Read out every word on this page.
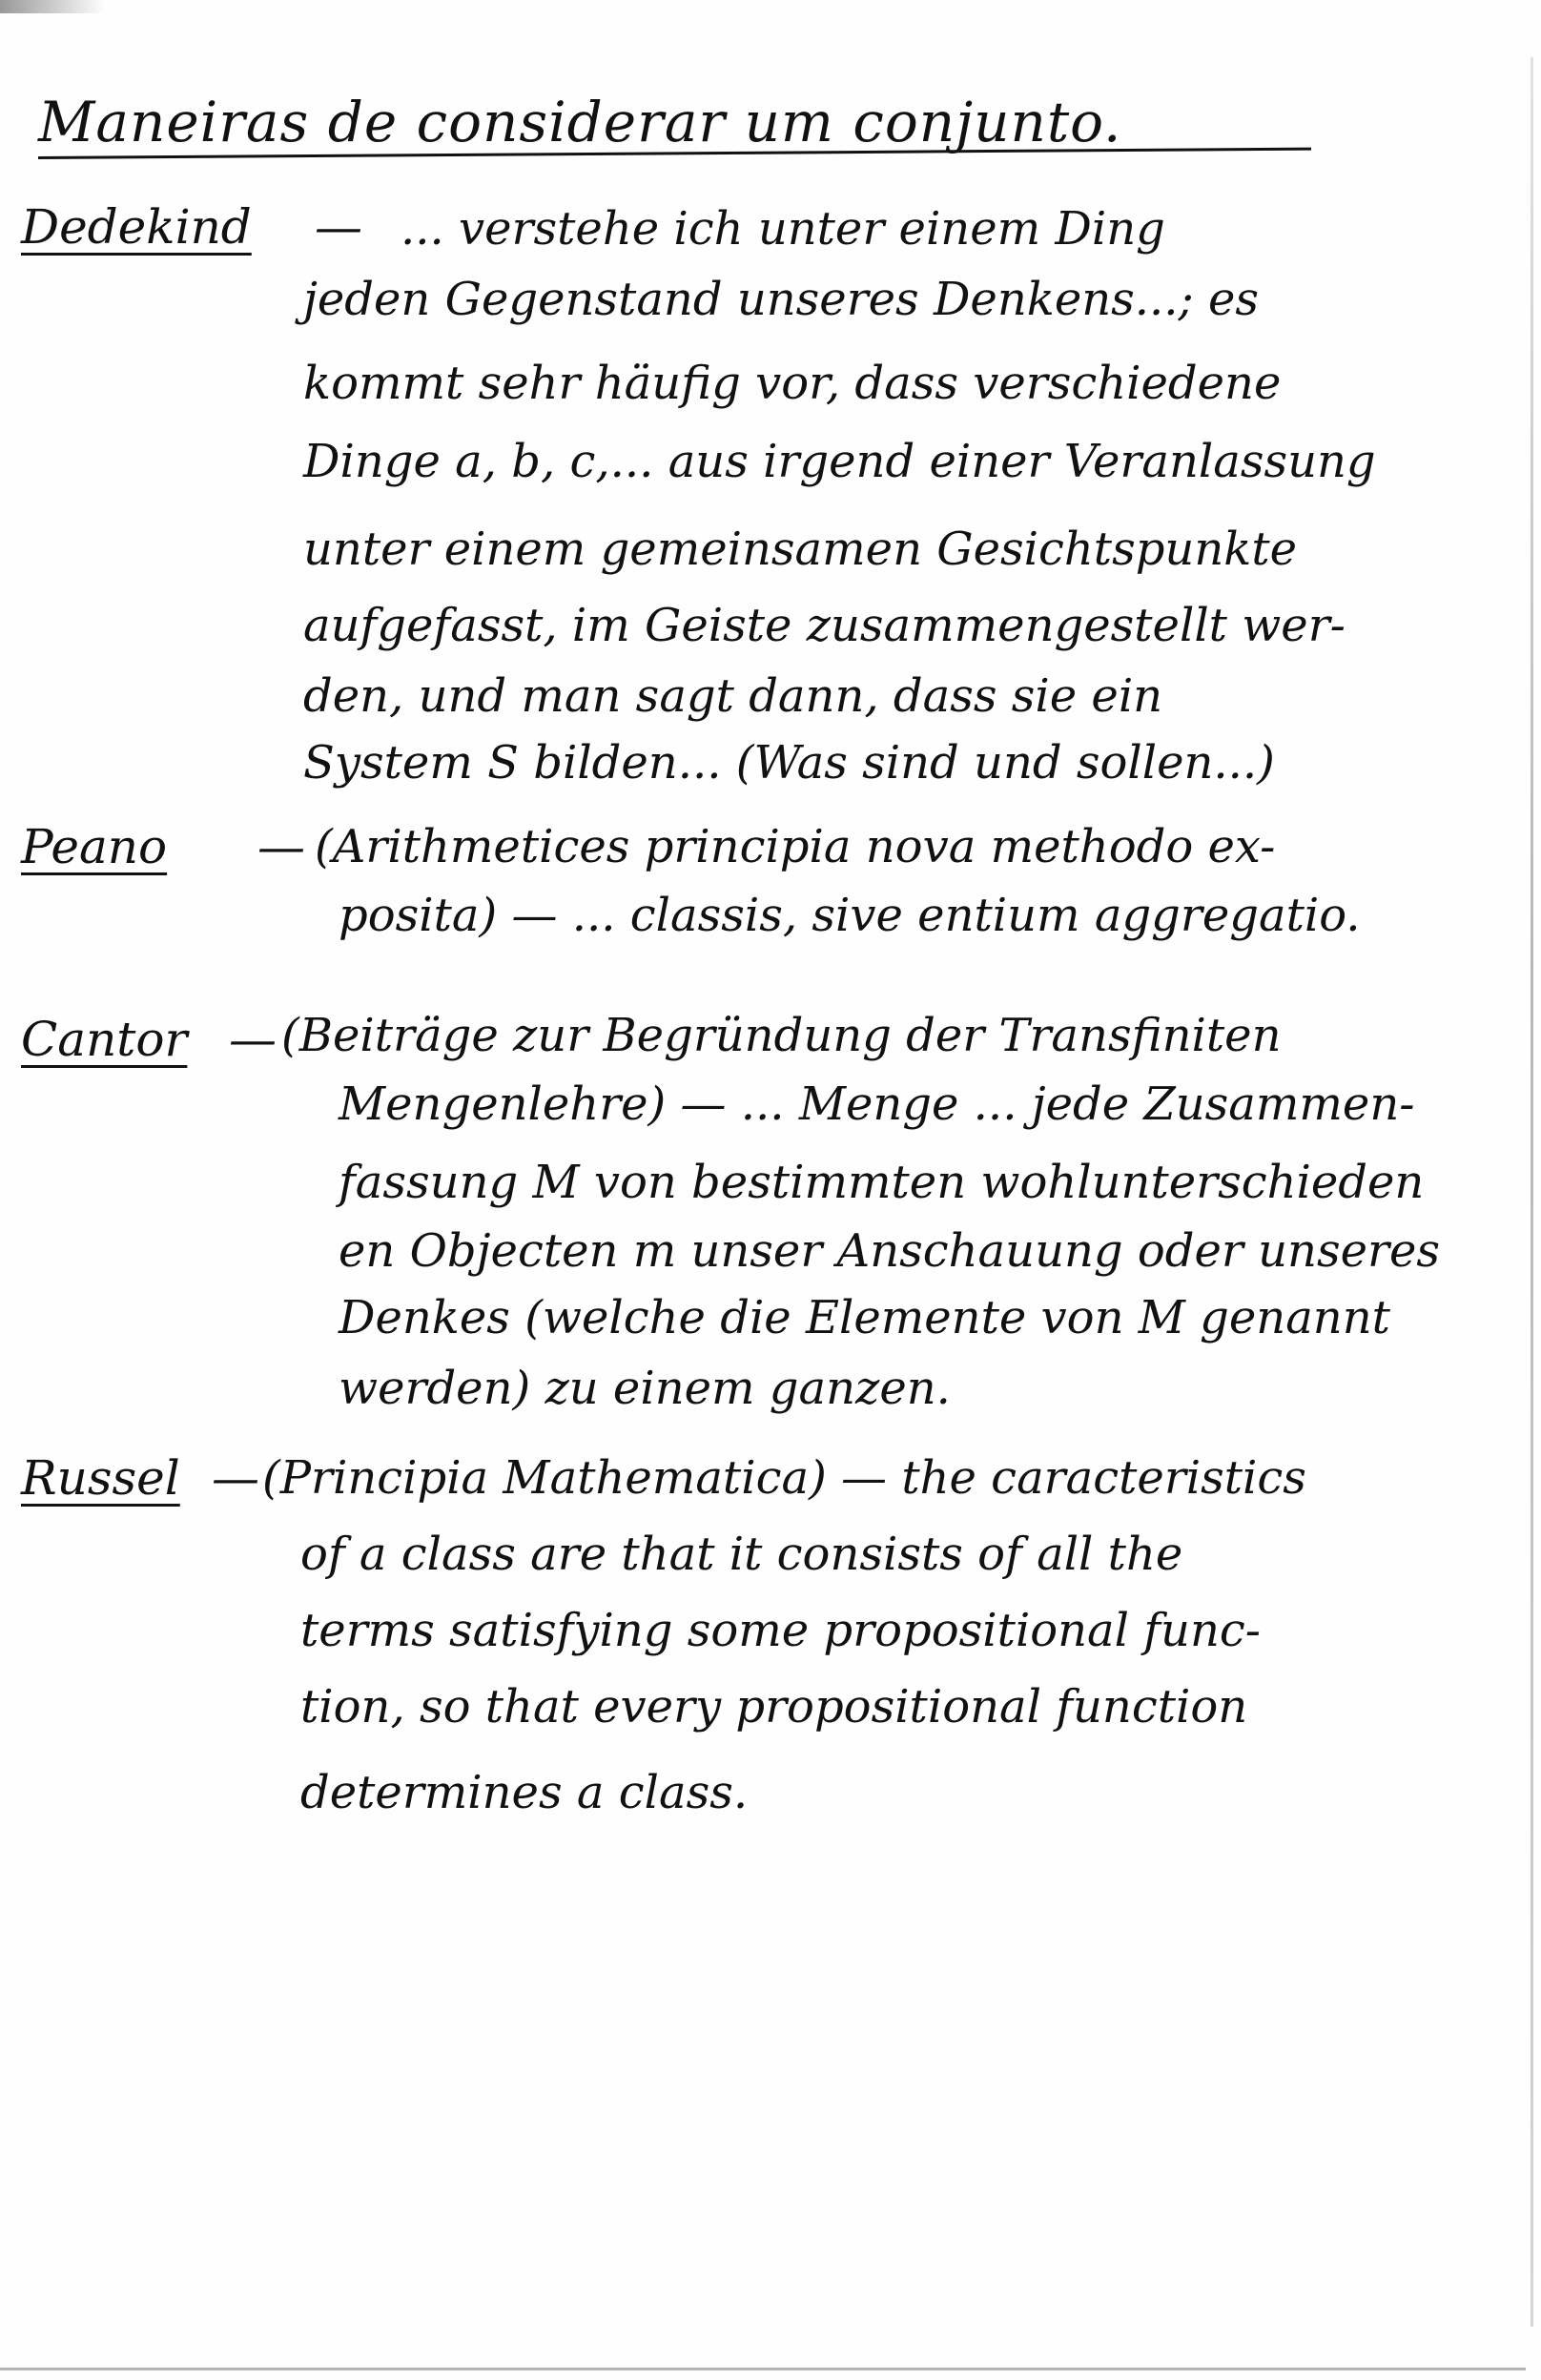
Maneiras de considerar um conjunto.
Dedekind — ... verstehe ich unter einem Ding
jeden Gegenstand unseres Denkens...; es
kommt sehr häufig vor, dass verschiedene
Dinge a, b, c,... aus irgend einer Veranlassung
unter einem gemeinsamen Gesichtspunkte
aufgefasst, im Geiste zusammengestellt wer-
den, und man sagt dann, dass sie ein
System S bilden... (Was sind und sollen...)
Peano — (Arithmetices principia nova methodo ex-
posita) — ... classis, sive entium aggregatio.
Cantor — (Beiträge zur Begründung der Transfiniten
Mengenlehre) — ... Menge ... jede Zusammen-
fassung M von bestimmten wohlunterschieden
en Objecten m unser Anschauung oder unseres
Denkes (welche die Elemente von M genannt
werden) zu einem ganzen.
Russel — (Principia Mathematica) — the caracteristics
of a class are that it consists of all the
terms satisfying some propositional func-
tion, so that every propositional function
determines a class.
